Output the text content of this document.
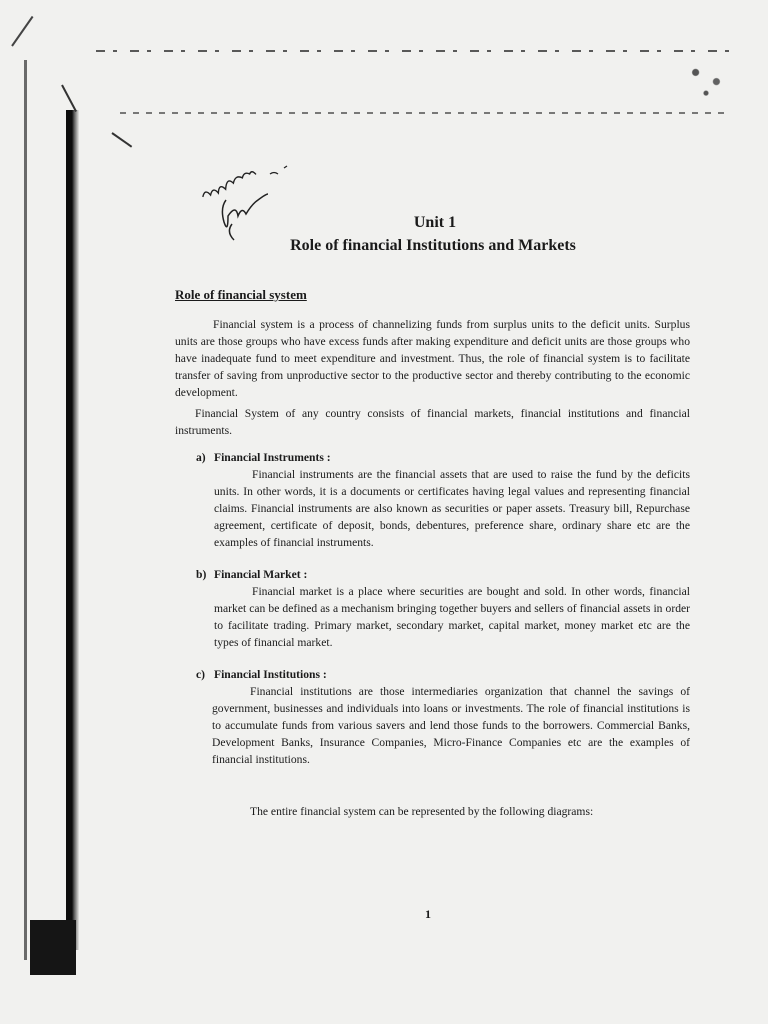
Unit 1
Role of financial Institutions and Markets
Role of financial system
Financial system is a process of channelizing funds from surplus units to the deficit units. Surplus units are those groups who have excess funds after making expenditure and deficit units are those groups who have inadequate fund to meet expenditure and investment. Thus, the role of financial system is to facilitate transfer of saving from unproductive sector to the productive sector and thereby contributing to the economic development.
Financial System of any country consists of financial markets, financial institutions and financial instruments.
a) Financial Instruments :
Financial instruments are the financial assets that are used to raise the fund by the deficits units. In other words, it is a documents or certificates having legal values and representing financial claims. Financial instruments are also known as securities or paper assets. Treasury bill, Repurchase agreement, certificate of deposit, bonds, debentures, preference share, ordinary share etc are the examples of financial instruments.
b) Financial Market :
Financial market is a place where securities are bought and sold. In other words, financial market can be defined as a mechanism bringing together buyers and sellers of financial assets in order to facilitate trading. Primary market, secondary market, capital market, money market etc are the types of financial market.
c) Financial Institutions :
Financial institutions are those intermediaries organization that channel the savings of government, businesses and individuals into loans or investments. The role of financial institutions is to accumulate funds from various savers and lend those funds to the borrowers. Commercial Banks, Development Banks, Insurance Companies, Micro-Finance Companies etc are the examples of financial institutions.
The entire financial system can be represented by the following diagrams:
1
